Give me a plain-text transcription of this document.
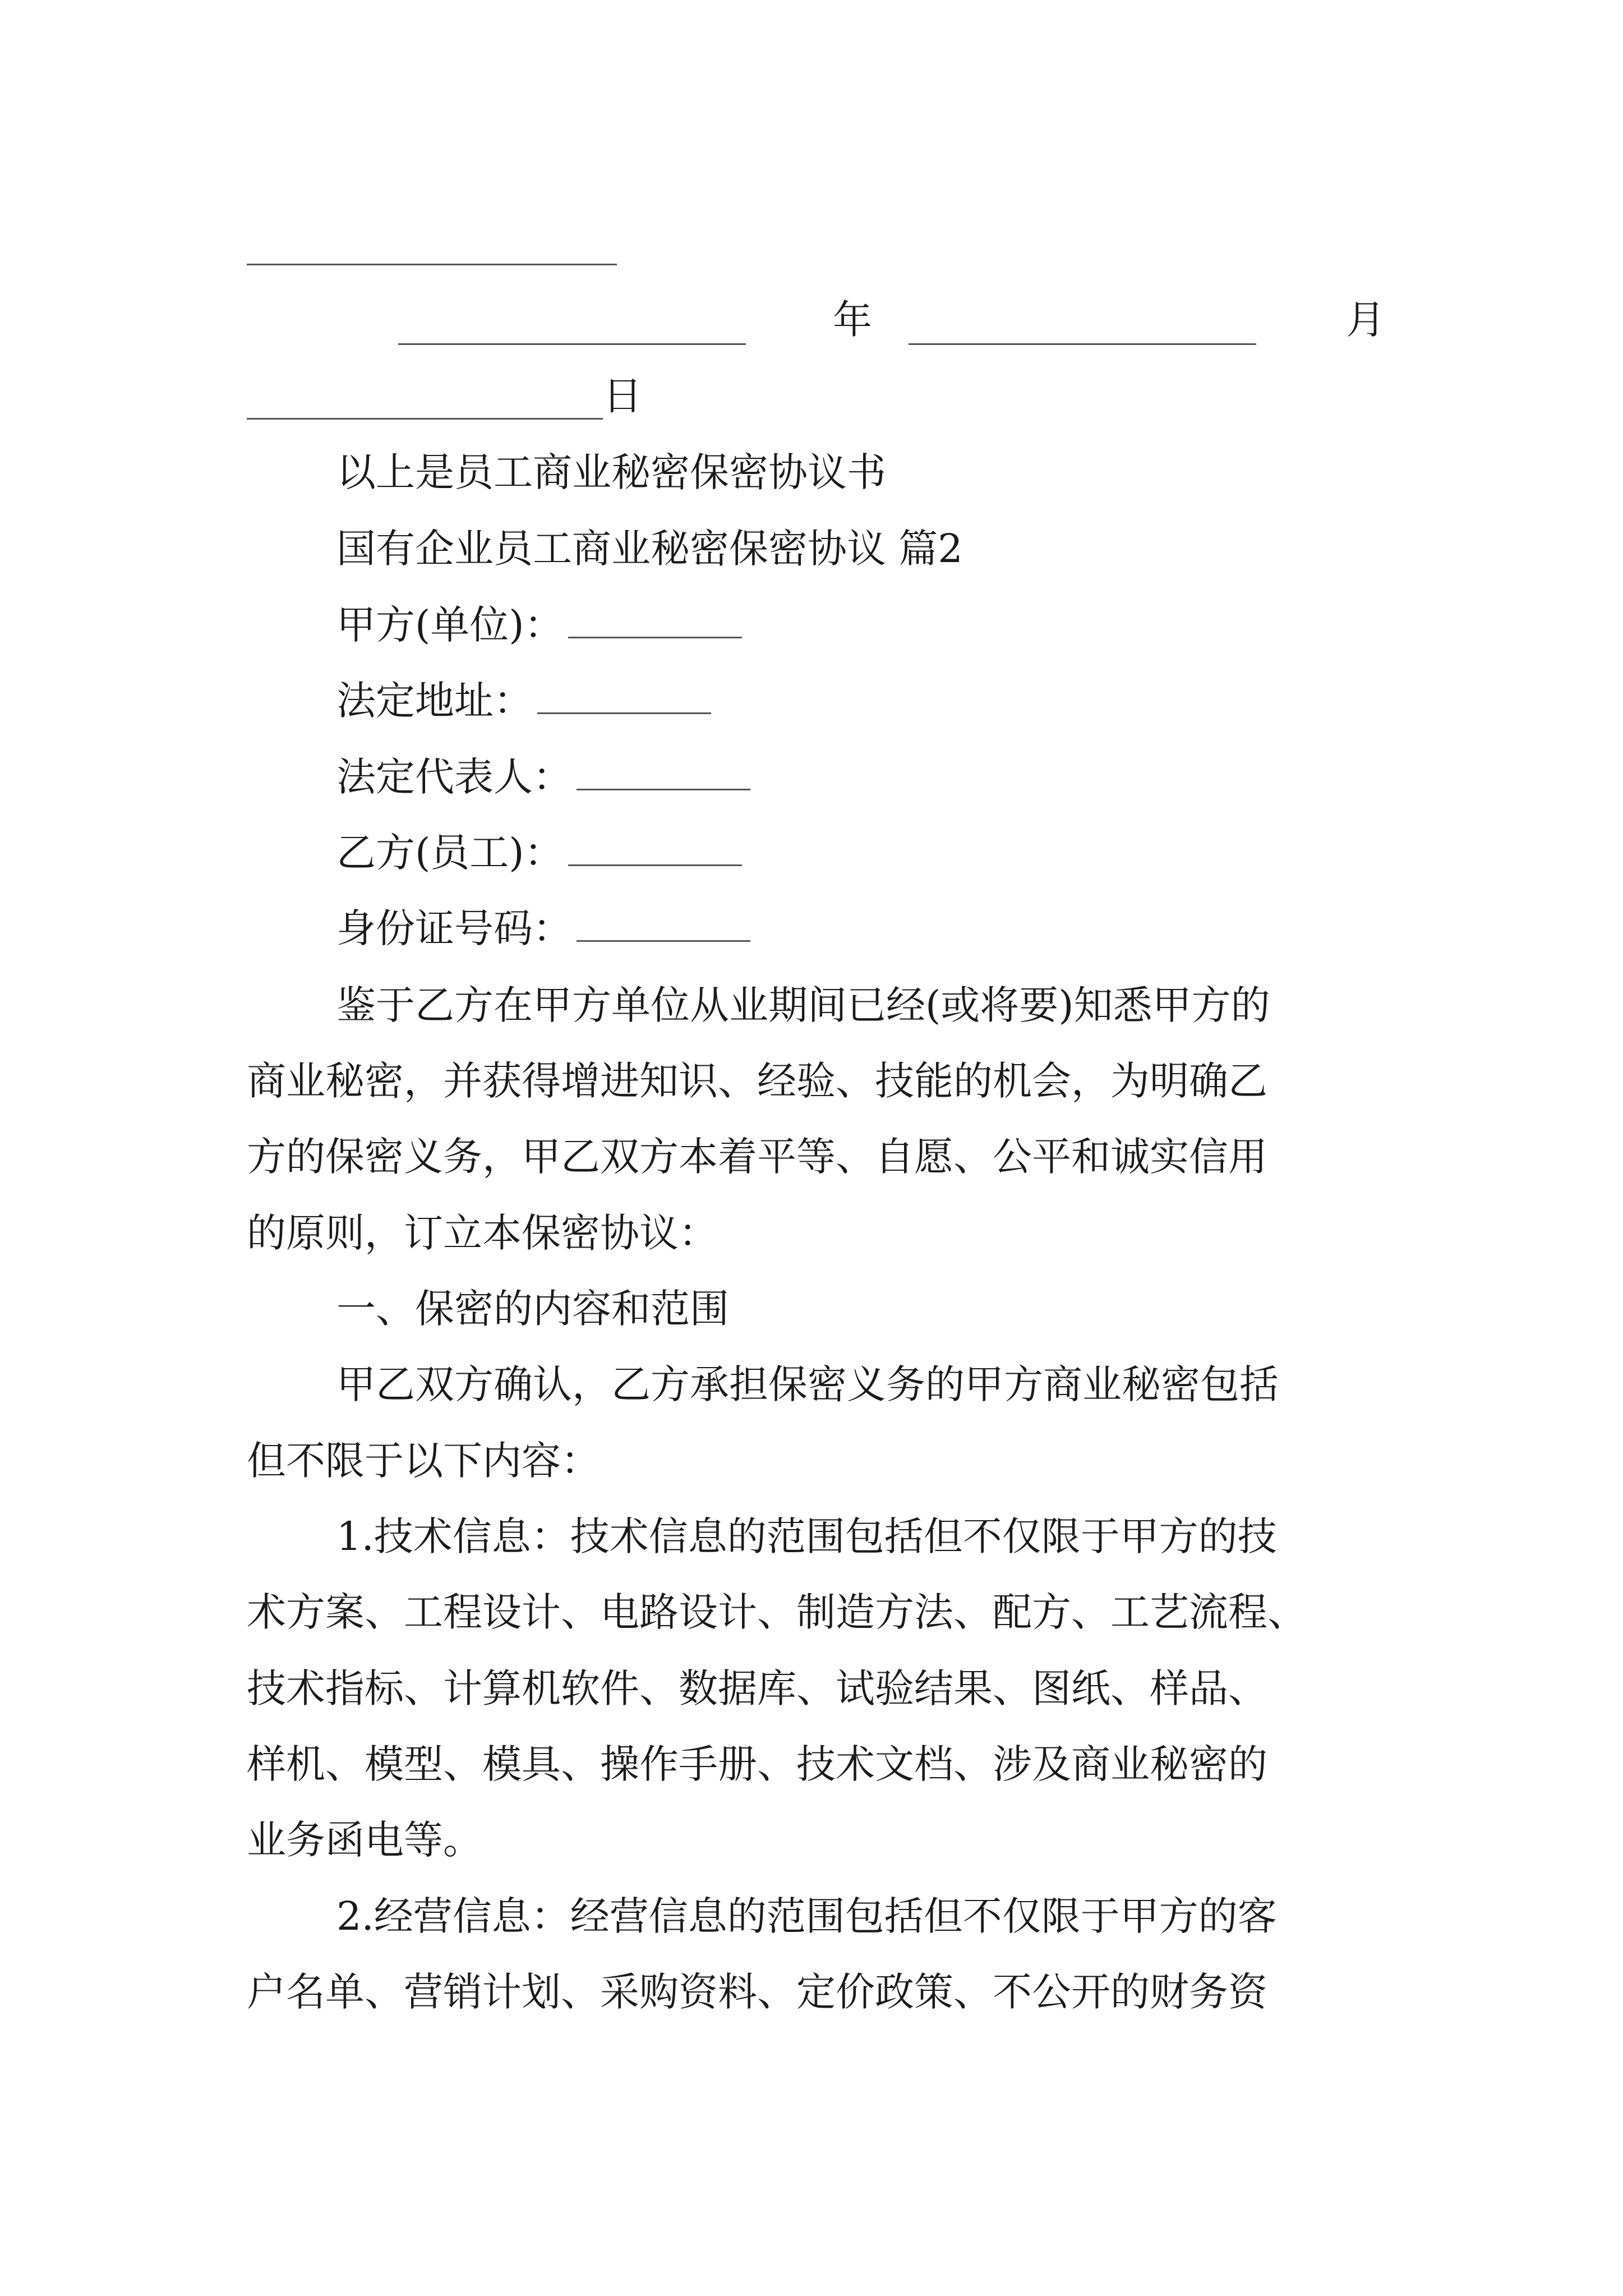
年	月
日
以上是员工商业秘密保密协议书
国有企业员工商业秘密保密协议 篇2
甲方(单位)：
法定地址：
法定代表人：
乙方(员工)：
身份证号码：
鉴于乙方在甲方单位从业期间已经(或将要)知悉甲方的
商业秘密，并获得增进知识、经验、技能的机会，为明确乙
方的保密义务，甲乙双方本着平等、自愿、公平和诚实信用
的原则，订立本保密协议：
一、保密的内容和范围
甲乙双方确认，乙方承担保密义务的甲方商业秘密包括
但不限于以下内容：
1.技术信息：技术信息的范围包括但不仅限于甲方的技
术方案、工程设计、电路设计、制造方法、配方、工艺流程、
技术指标、计算机软件、数据库、试验结果、图纸、样品、
样机、模型、模具、操作手册、技术文档、涉及商业秘密的
业务函电等。
2.经营信息：经营信息的范围包括但不仅限于甲方的客
户名单、营销计划、采购资料、定价政策、不公开的财务资
